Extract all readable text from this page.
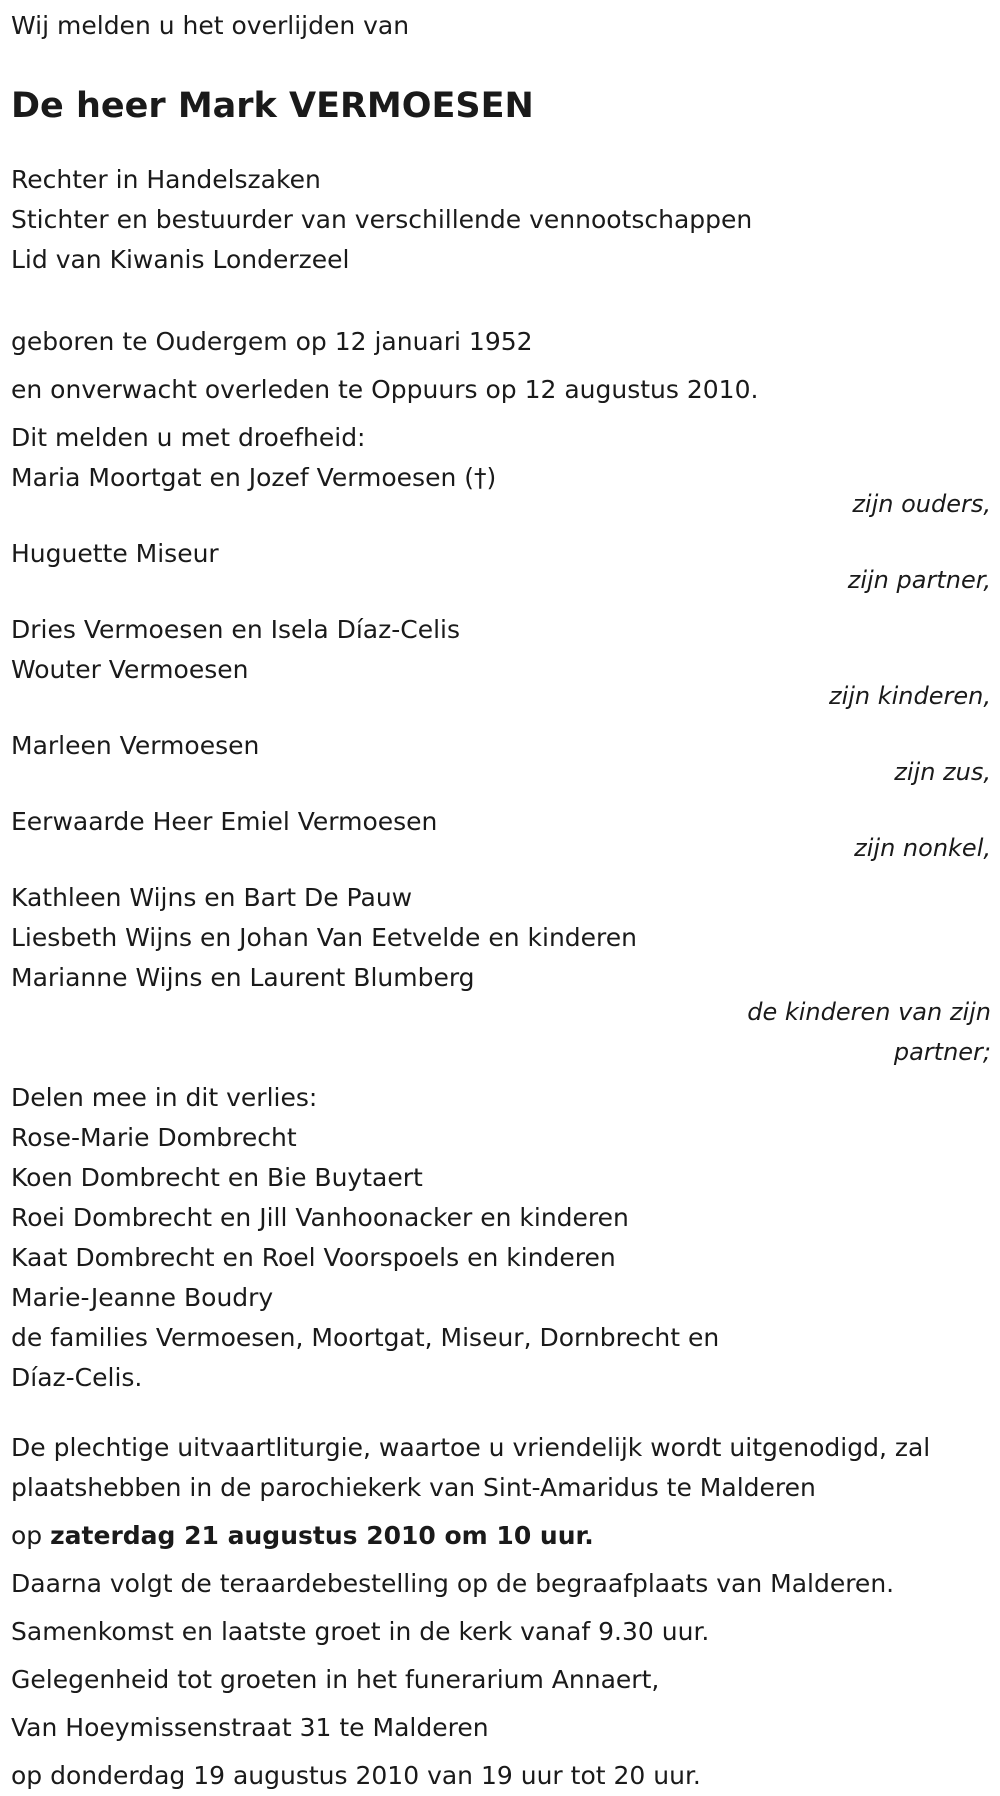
Wij melden u het overlijden van
De heer Mark VERMOESEN
Rechter in Handelszaken
Stichter en bestuurder van verschillende vennootschappen
Lid van Kiwanis Londerzeel
geboren te Oudergem op 12 januari 1952
en onverwacht overleden te Oppuurs op 12 augustus 2010.
Dit melden u met droefheid:
Maria Moortgat en Jozef Vermoesen (†)
zijn ouders,
Huguette Miseur
zijn partner,
Dries Vermoesen en Isela Díaz-Celis
Wouter Vermoesen
zijn kinderen,
Marleen Vermoesen
zijn zus,
Eerwaarde Heer Emiel Vermoesen
zijn nonkel,
Kathleen Wijns en Bart De Pauw
Liesbeth Wijns en Johan Van Eetvelde en kinderen
Marianne Wijns en Laurent Blumberg
de kinderen van zijn
partner;
Delen mee in dit verlies:
Rose-Marie Dombrecht
Koen Dombrecht en Bie Buytaert
Roei Dombrecht en Jill Vanhoonacker en kinderen
Kaat Dombrecht en Roel Voorspoels en kinderen
Marie-Jeanne Boudry
de families Vermoesen, Moortgat, Miseur, Dornbrecht en
Díaz-Celis.
De plechtige uitvaartliturgie, waartoe u vriendelijk wordt uitgenodigd, zal
plaatshebben in de parochiekerk van Sint-Amaridus te Malderen
op zaterdag 21 augustus 2010 om 10 uur.
Daarna volgt de teraardebestelling op de begraafplaats van Malderen.
Samenkomst en laatste groet in de kerk vanaf 9.30 uur.
Gelegenheid tot groeten in het funerarium Annaert,
Van Hoeymissenstraat 31 te Malderen
op donderdag 19 augustus 2010 van 19 uur tot 20 uur.
